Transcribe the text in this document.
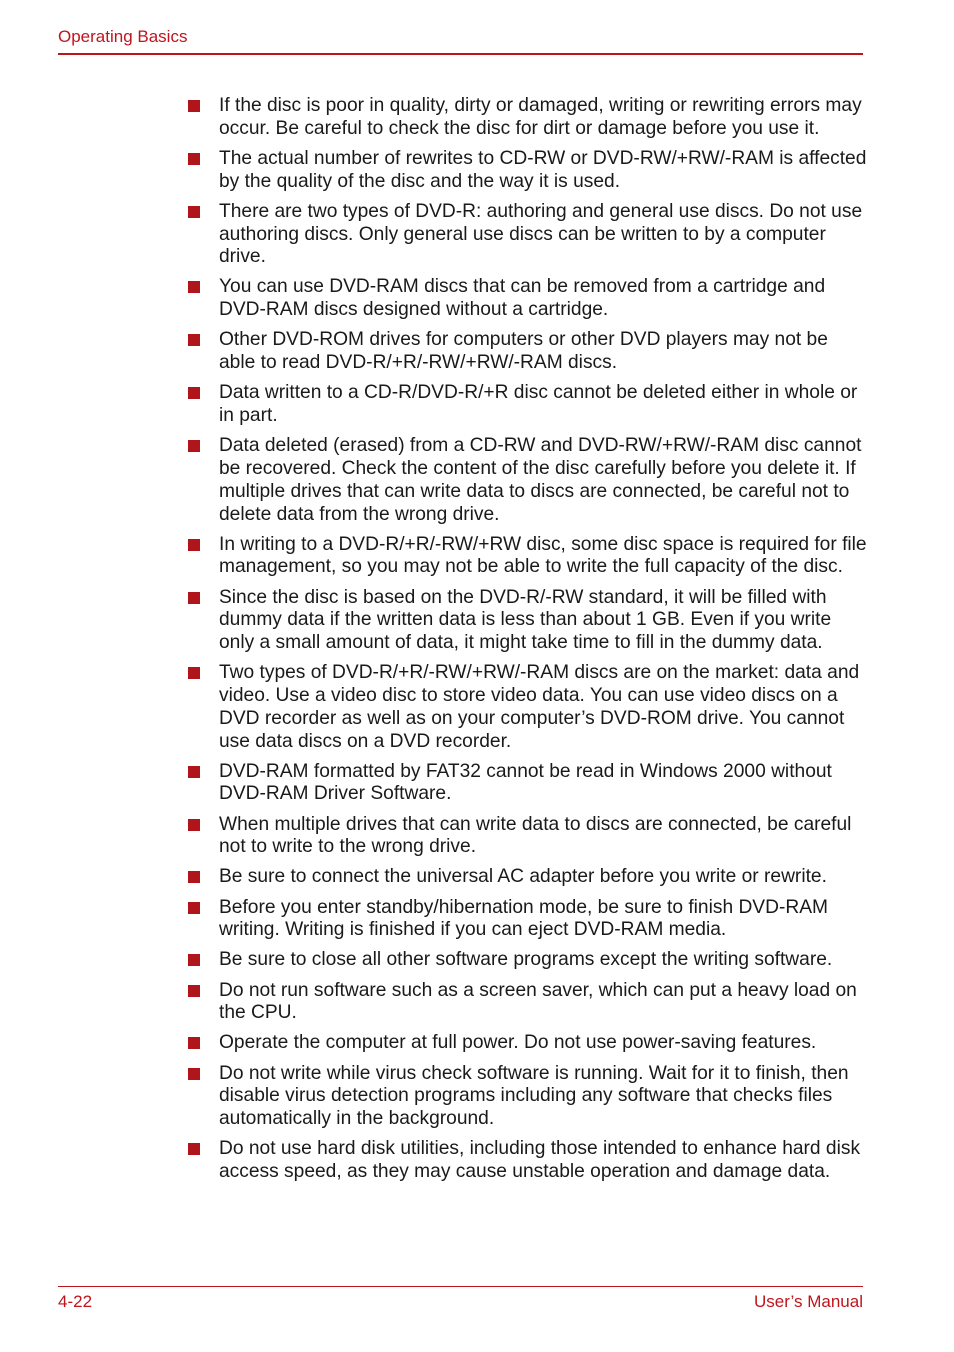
Operating Basics
If the disc is poor in quality, dirty or damaged, writing or rewriting errors may occur. Be careful to check the disc for dirt or damage before you use it.
The actual number of rewrites to CD-RW or DVD-RW/+RW/-RAM is affected by the quality of the disc and the way it is used.
There are two types of DVD-R: authoring and general use discs. Do not use authoring discs. Only general use discs can be written to by a computer drive.
You can use DVD-RAM discs that can be removed from a cartridge and DVD-RAM discs designed without a cartridge.
Other DVD-ROM drives for computers or other DVD players may not be able to read DVD-R/+R/-RW/+RW/-RAM discs.
Data written to a CD-R/DVD-R/+R disc cannot be deleted either in whole or in part.
Data deleted (erased) from a CD-RW and DVD-RW/+RW/-RAM disc cannot be recovered. Check the content of the disc carefully before you delete it. If multiple drives that can write data to discs are connected, be careful not to delete data from the wrong drive.
In writing to a DVD-R/+R/-RW/+RW disc, some disc space is required for file management, so you may not be able to write the full capacity of the disc.
Since the disc is based on the DVD-R/-RW standard, it will be filled with dummy data if the written data is less than about 1 GB. Even if you write only a small amount of data, it might take time to fill in the dummy data.
Two types of DVD-R/+R/-RW/+RW/-RAM discs are on the market: data and video. Use a video disc to store video data. You can use video discs on a DVD recorder as well as on your computer’s DVD-ROM drive. You cannot use data discs on a DVD recorder.
DVD-RAM formatted by FAT32 cannot be read in Windows 2000 without DVD-RAM Driver Software.
When multiple drives that can write data to discs are connected, be careful not to write to the wrong drive.
Be sure to connect the universal AC adapter before you write or rewrite.
Before you enter standby/hibernation mode, be sure to finish DVD-RAM writing. Writing is finished if you can eject DVD-RAM media.
Be sure to close all other software programs except the writing software.
Do not run software such as a screen saver, which can put a heavy load on the CPU.
Operate the computer at full power. Do not use power-saving features.
Do not write while virus check software is running. Wait for it to finish, then disable virus detection programs including any software that checks files automatically in the background.
Do not use hard disk utilities, including those intended to enhance hard disk access speed, as they may cause unstable operation and damage data.
4-22	User’s Manual
